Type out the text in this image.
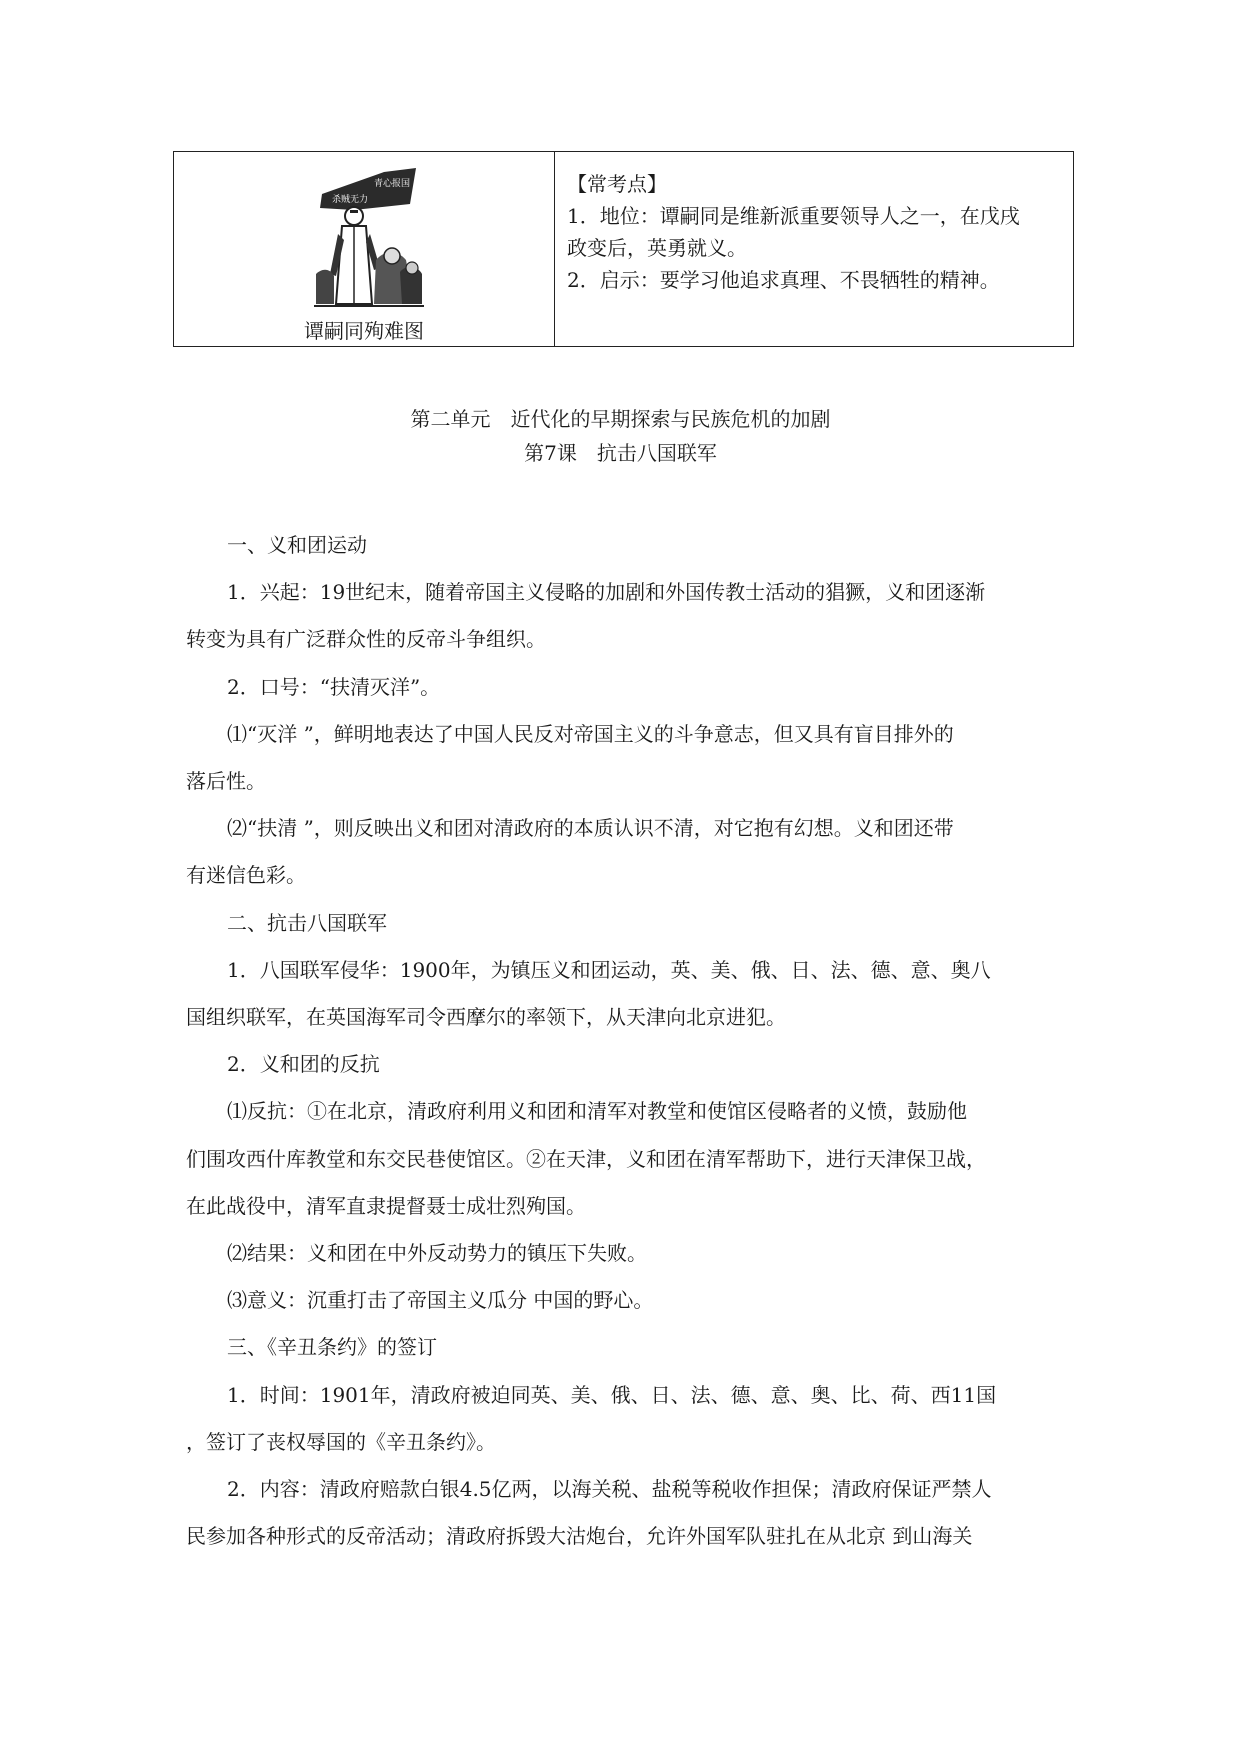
青心报国
杀贼无力
谭嗣同殉难图

【常考点】

1．地位：谭嗣同是维新派重要领导人之一，在戊戌

政变后，英勇就义。

2．启示：要学习他追求真理、不畏牺牲的精神。

第二单元　近代化的早期探索与民族危机的加剧
第7课　抗击八国联军

一、义和团运动

1．兴起：19世纪末，随着帝国主义侵略的加剧和外国传教士活动的猖獗，义和团逐渐

转变为具有广泛群众性的反帝斗争组织。

2．口号：“扶清灭洋”。

⑴“灭洋 ”，鲜明地表达了中国人民反对帝国主义的斗争意志，但又具有盲目排外的

落后性。

⑵“扶清 ”，则反映出义和团对清政府的本质认识不清，对它抱有幻想。义和团还带

有迷信色彩。

二、抗击八国联军

1．八国联军侵华：1900年，为镇压义和团运动，英、美、俄、日、法、德、意、奥八

国组织联军，在英国海军司令西摩尔的率领下，从天津向北京进犯。

2．义和团的反抗

⑴反抗：①在北京，清政府利用义和团和清军对教堂和使馆区侵略者的义愤，鼓励他

们围攻西什库教堂和东交民巷使馆区。②在天津，义和团在清军帮助下，进行天津保卫战，

在此战役中，清军直隶提督聂士成壮烈殉国。

⑵结果：义和团在中外反动势力的镇压下失败。

⑶意义：沉重打击了帝国主义瓜分 中国的野心。

三、《辛丑条约》的签订

1．时间：1901年，清政府被迫同英、美、俄、日、法、德、意、奥、比、荷、西11国

，签订了丧权辱国的《辛丑条约》。

2．内容：清政府赔款白银4.5亿两，以海关税、盐税等税收作担保；清政府保证严禁人

民参加各种形式的反帝活动；清政府拆毁大沽炮台，允许外国军队驻扎在从北京 到山海关
